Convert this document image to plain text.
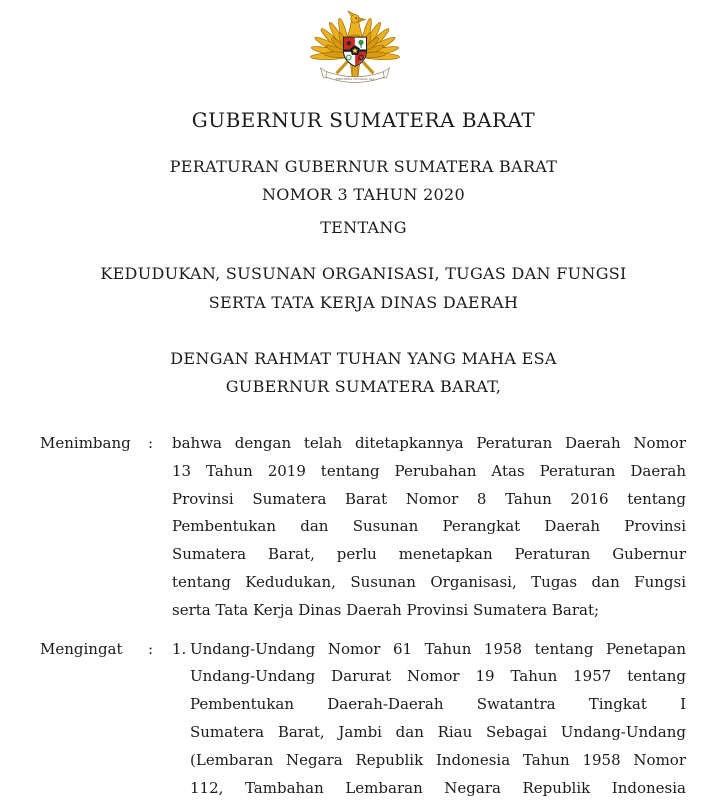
BHINNEKA TUNGGAL IKA
GUBERNUR SUMATERA BARAT
PERATURAN GUBERNUR SUMATERA BARAT
NOMOR 3 TAHUN 2020
TENTANG
KEDUDUKAN, SUSUNAN ORGANISASI, TUGAS DAN FUNGSI
SERTA TATA KERJA DINAS DAERAH
DENGAN RAHMAT TUHAN YANG MAHA ESA
GUBERNUR SUMATERA BARAT,
Menimbang	:	bahwa dengan telah ditetapkannya Peraturan Daerah Nomor
13 Tahun 2019 tentang Perubahan Atas Peraturan Daerah
Provinsi Sumatera Barat Nomor 8 Tahun 2016 tentang
Pembentukan dan Susunan Perangkat Daerah Provinsi
Sumatera Barat, perlu menetapkan Peraturan Gubernur
tentang Kedudukan, Susunan Organisasi, Tugas dan Fungsi
serta Tata Kerja Dinas Daerah Provinsi Sumatera Barat;
Mengingat	:	1. Undang-Undang Nomor 61 Tahun 1958 tentang Penetapan
Undang-Undang Darurat Nomor 19 Tahun 1957 tentang
Pembentukan Daerah-Daerah Swatantra Tingkat I
Sumatera Barat, Jambi dan Riau Sebagai Undang-Undang
(Lembaran Negara Republik Indonesia Tahun 1958 Nomor
112, Tambahan Lembaran Negara Republik Indonesia
